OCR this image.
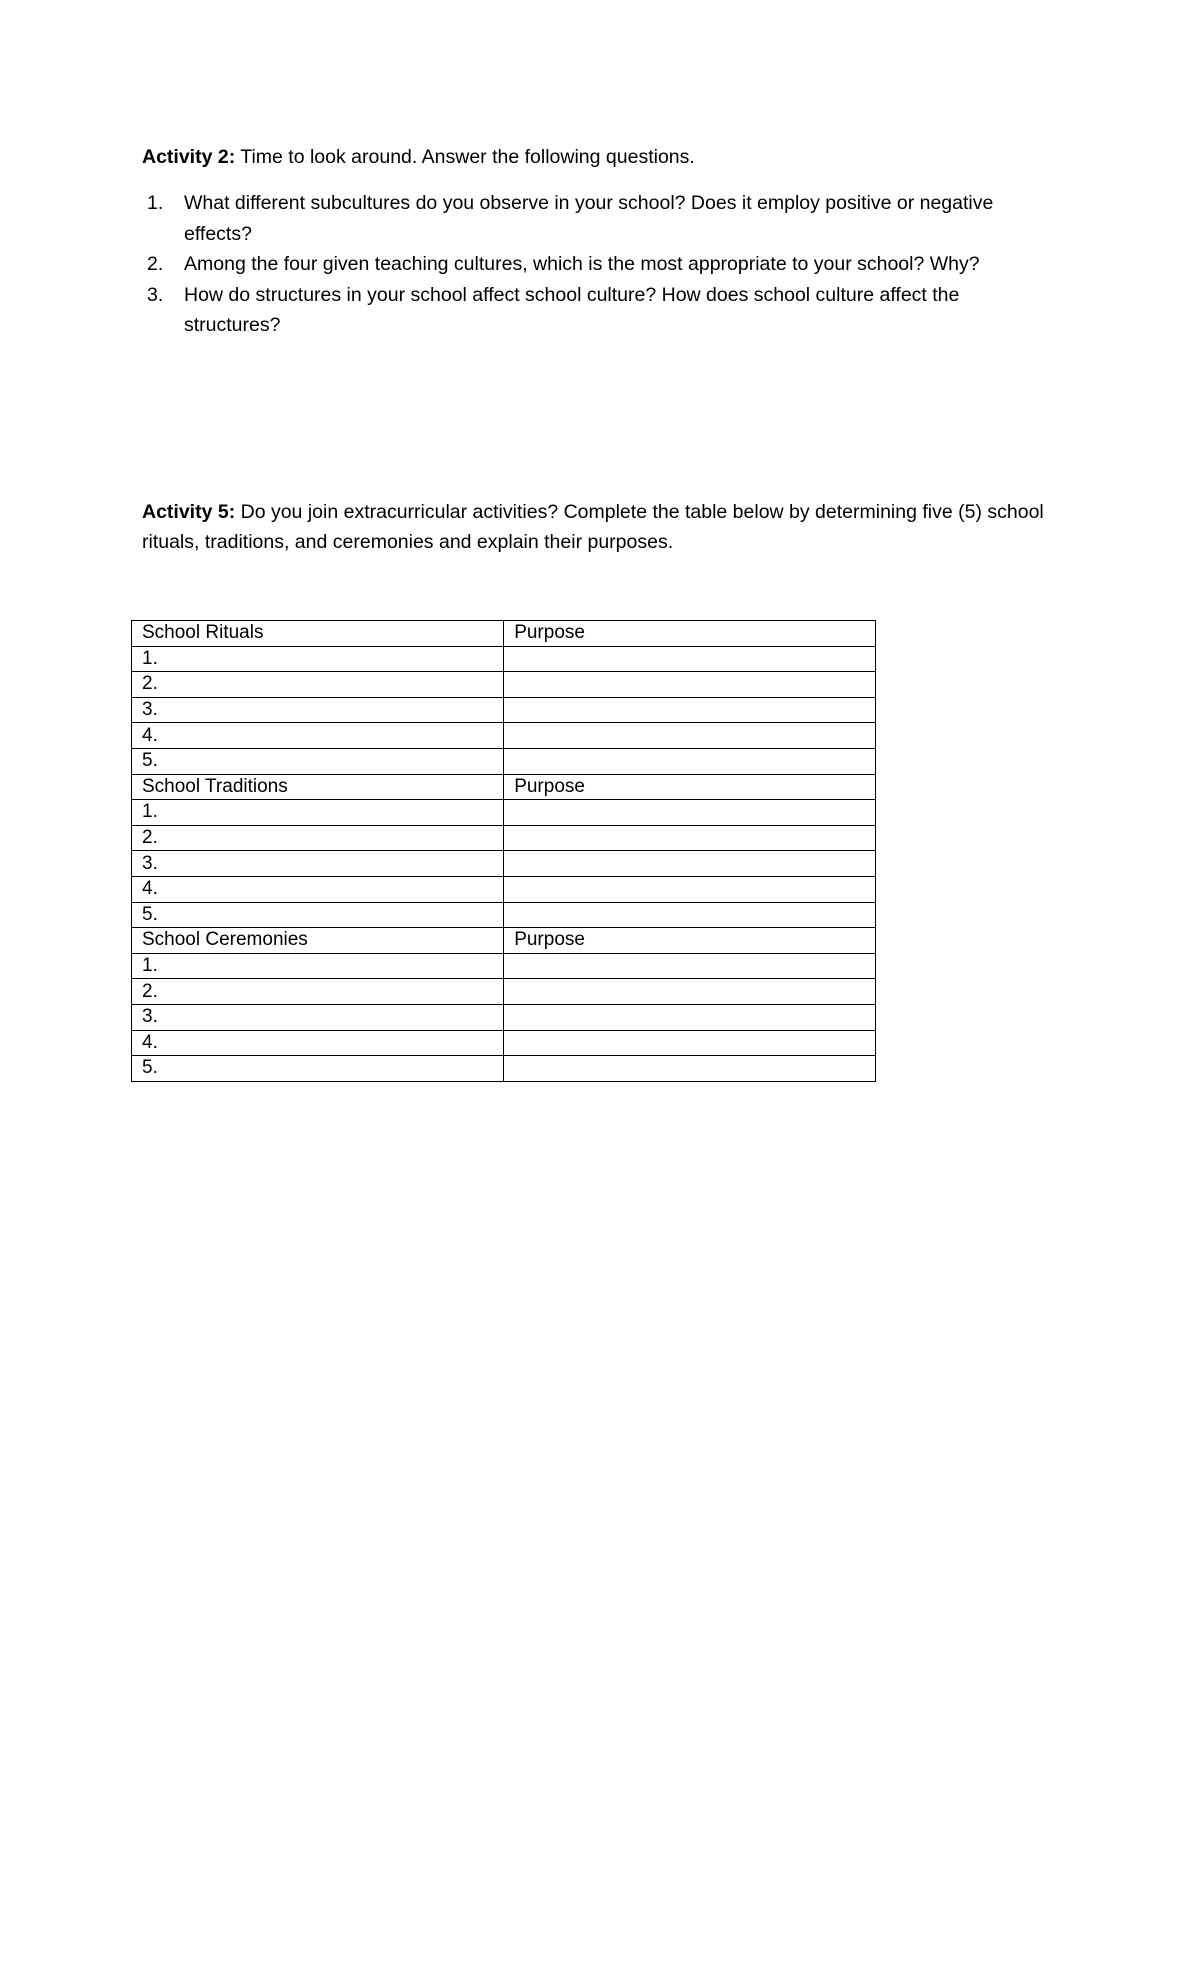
Activity 2: Time to look around. Answer the following questions.
1. What different subcultures do you observe in your school? Does it employ positive or negative effects?
2. Among the four given teaching cultures, which is the most appropriate to your school? Why?
3. How do structures in your school affect school culture? How does school culture affect the structures?
Activity 5: Do you join extracurricular activities? Complete the table below by determining five (5) school rituals, traditions, and ceremonies and explain their purposes.
School Rituals	Purpose
1.	
2.	
3.	
4.	
5.	
School Traditions	Purpose
1.	
2.	
3.	
4.	
5.	
School Ceremonies	Purpose
1.	
2.	
3.	
4.	
5.	
